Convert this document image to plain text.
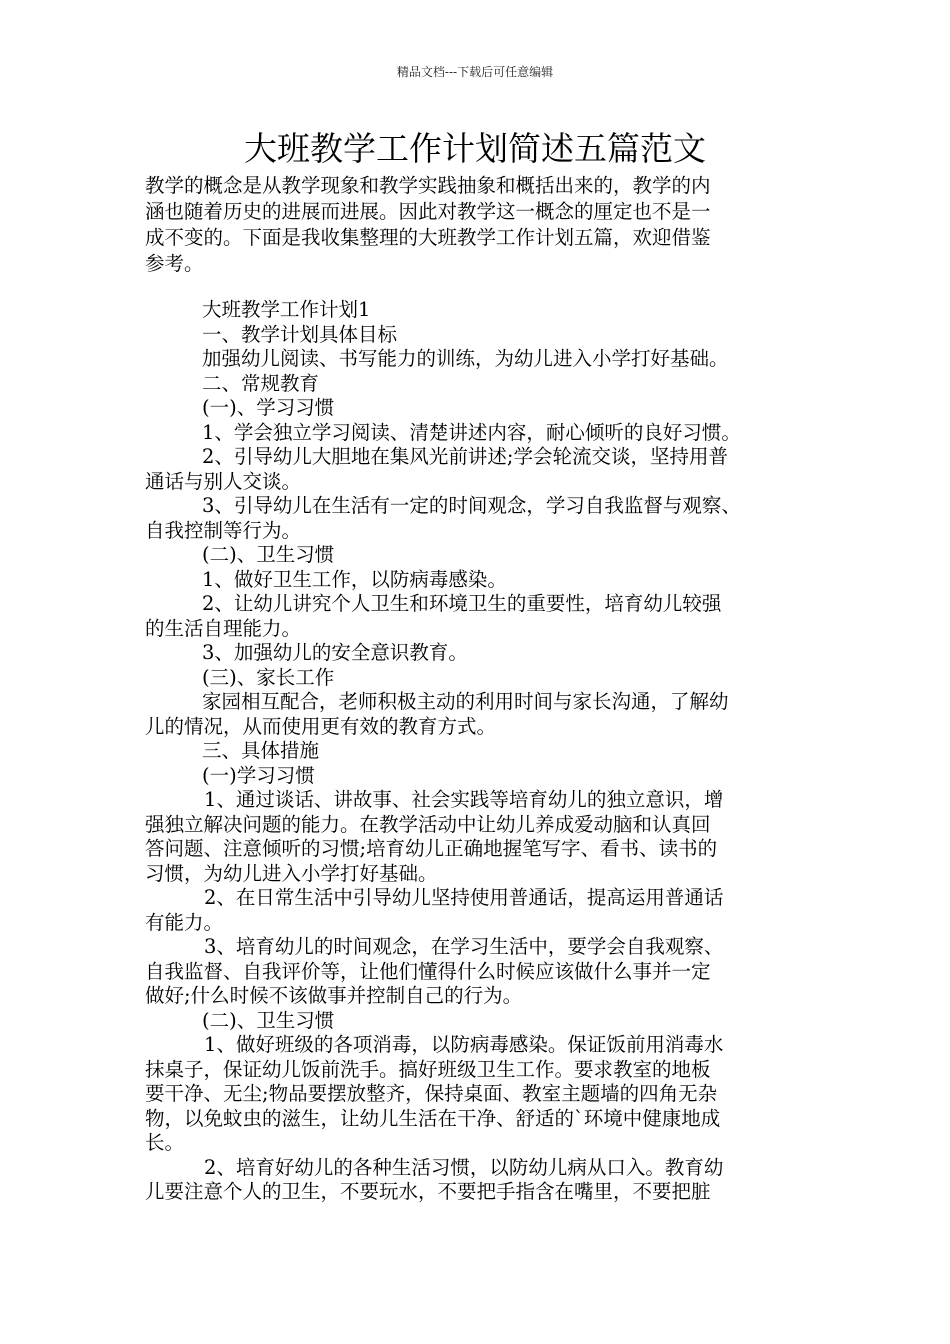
精品文档---下载后可任意编辑
大班教学工作计划简述五篇范文
教学的概念是从教学现象和教学实践抽象和概括出来的，教学的内
涵也随着历史的进展而进展。因此对教学这一概念的厘定也不是一
成不变的。下面是我收集整理的大班教学工作计划五篇，欢迎借鉴
参考。
大班教学工作计划1
一、教学计划具体目标
加强幼儿阅读、书写能力的训练，为幼儿进入小学打好基础。
二、常规教育
(一)、学习习惯
1、学会独立学习阅读、清楚讲述内容，耐心倾听的良好习惯。
2、引导幼儿大胆地在集风光前讲述;学会轮流交谈，坚持用普
通话与别人交谈。
3、引导幼儿在生活有一定的时间观念，学习自我监督与观察、
自我控制等行为。
(二)、卫生习惯
1、做好卫生工作，以防病毒感染。
2、让幼儿讲究个人卫生和环境卫生的重要性，培育幼儿较强
的生活自理能力。
3、加强幼儿的安全意识教育。
(三)、家长工作
家园相互配合，老师积极主动的利用时间与家长沟通，了解幼
儿的情况，从而使用更有效的教育方式。
三、具体措施
(一)学习习惯
1、通过谈话、讲故事、社会实践等培育幼儿的独立意识，增
强独立解决问题的能力。在教学活动中让幼儿养成爱动脑和认真回
答问题、注意倾听的习惯;培育幼儿正确地握笔写字、看书、读书的
习惯，为幼儿进入小学打好基础。
2、在日常生活中引导幼儿坚持使用普通话，提高运用普通话
有能力。
3、培育幼儿的时间观念，在学习生活中，要学会自我观察、
自我监督、自我评价等，让他们懂得什么时候应该做什么事并一定
做好;什么时候不该做事并控制自己的行为。
(二)、卫生习惯
1、做好班级的各项消毒，以防病毒感染。保证饭前用消毒水
抹桌子，保证幼儿饭前洗手。搞好班级卫生工作。要求教室的地板
要干净、无尘;物品要摆放整齐，保持桌面、教室主题墙的四角无杂
物，以免蚊虫的滋生，让幼儿生活在干净、舒适的`环境中健康地成
长。
2、培育好幼儿的各种生活习惯，以防幼儿病从口入。教育幼
儿要注意个人的卫生，不要玩水，不要把手指含在嘴里，不要把脏
